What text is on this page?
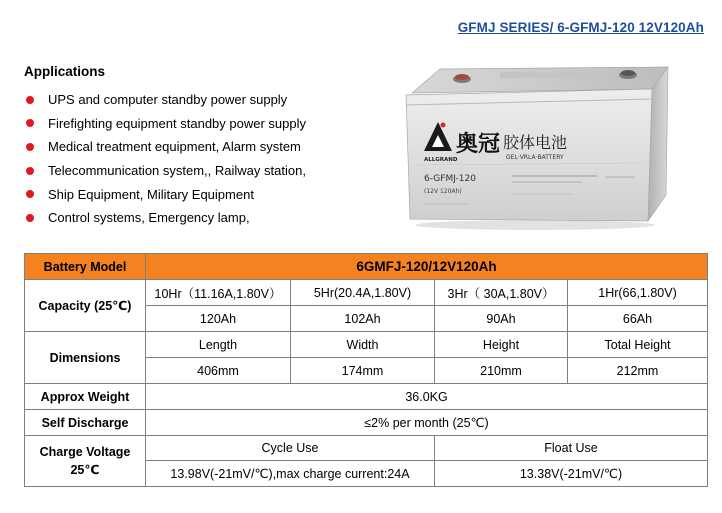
GFMJ SERIES/ 6-GFMJ-120 12V120Ah
Applications
UPS and computer standby power supply
Firefighting equipment standby power supply
Medical treatment equipment, Alarm system
Telecommunication system,, Railway station,
Ship Equipment, Military Equipment
Control systems, Emergency lamp,
奥冠 胶体电池
ALLGRAND	GEL·VRLA·BATTERY
6-GFMJ-120
(12V 120Ah)
Battery Model	6GMFJ-120/12V120Ah			
Capacity (25℃)	10Hr（11.16A,1.80V）	5Hr(20.4A,1.80V)	3Hr（ 30A,1.80V）	1Hr(66,1.80V)
	120Ah	102Ah	90Ah	66Ah
Dimensions	Length	Width	Height	Total Height
	406mm	174mm	210mm	212mm
Approx Weight	36.0KG			
Self Discharge	≤2% per month (25℃)			

Charge Voltage
25℃	Cycle Use		Float Use	
	13.98V(-21mV/℃),max charge current:24A		13.38V(-21mV/℃)	
